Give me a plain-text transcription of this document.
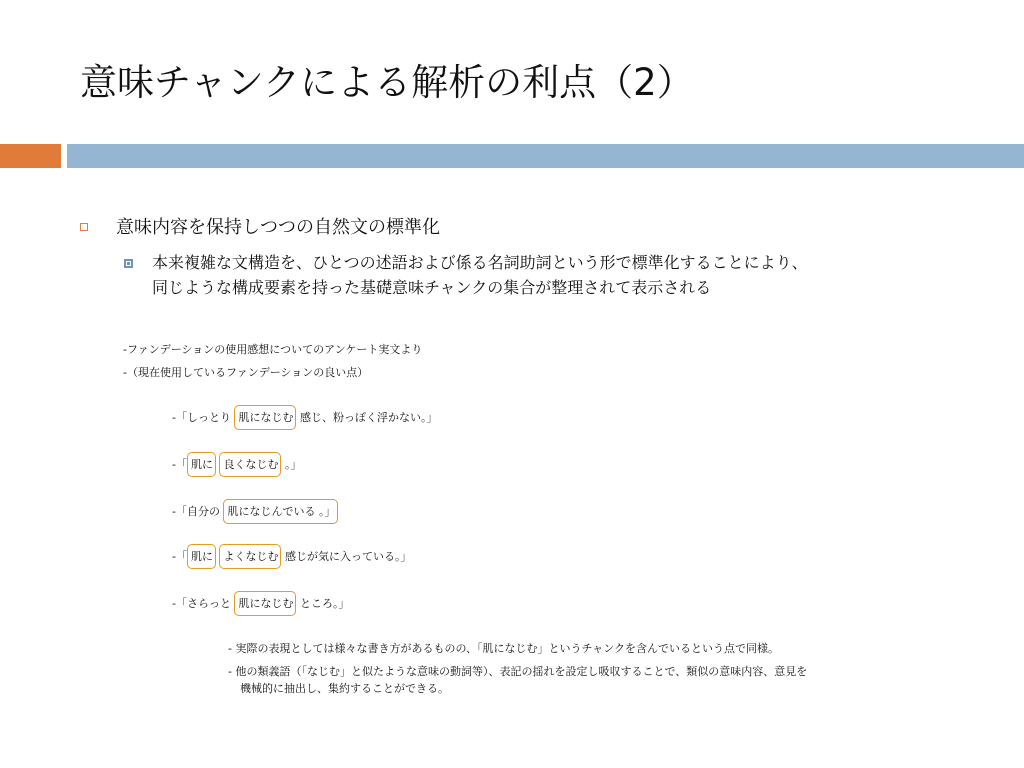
意味チャンクによる解析の利点（2）
意味内容を保持しつつの自然文の標準化
本来複雑な文構造を、ひとつの述語および係る名詞助詞という形で標準化することにより、
同じような構成要素を持った基礎意味チャンクの集合が整理されて表示される
-ファンデーションの使用感想についてのアンケート実文より
-（現在使用しているファンデーションの良い点）
-「しっとり 肌になじむ 感じ、粉っぽく浮かない。」
-「 肌に 良くなじむ 。」
-「自分の 肌になじんでいる 。」
-「 肌に よくなじむ 感じが気に入っている。」
-「さらっと 肌になじむ ところ。」
- 実際の表現としては様々な書き方があるものの、「肌になじむ」というチャンクを含んでいるという点で同様。
- 他の類義語（「なじむ」と似たような意味の動詞等）、表記の揺れを設定し吸収することで、類似の意味内容、意見を
機械的に抽出し、集約することができる。
